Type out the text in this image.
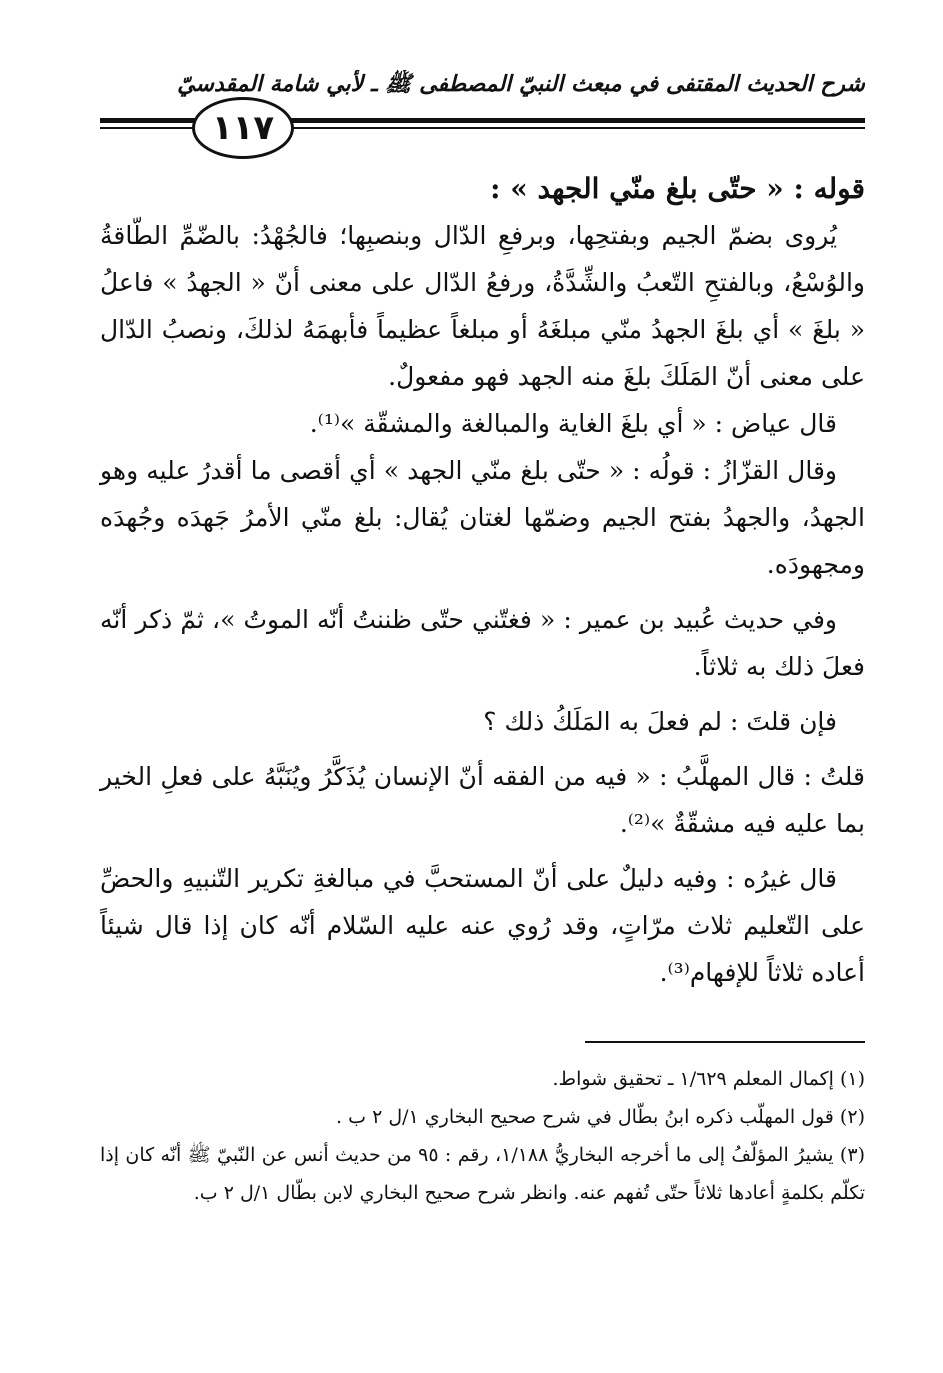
شرح الحديث المقتفى في مبعث النبيّ المصطفى ﷺ ـ لأبي شامة المقدسيّ
١١٧

قوله : « حتّى بلغ منّي الجهد » :

يُروى بضمّ الجيم وبفتحِها، وبرفعِ الدّال وبنصبِها؛ فالجُهْدُ: بالضّمِّ الطّاقةُ والوُسْعُ، وبالفتحِ التّعبُ والشِّدَّةُ، ورفعُ الدّال على معنى أنّ « الجهدُ » فاعلُ « بلغَ » أي بلغَ الجهدُ منّي مبلغَهُ أو مبلغاً عظيماً فأبهمَهُ لذلكَ، ونصبُ الدّال على معنى أنّ المَلَكَ بلغَ منه الجهد فهو مفعولٌ.

قال عياض : « أي بلغَ الغاية والمبالغة والمشقّة »⁽¹⁾.

وقال القزّازُ : قولُه : « حتّى بلغ منّي الجهد » أي أقصى ما أقدرُ عليه وهو الجهدُ، والجهدُ بفتح الجيم وضمّها لغتان يُقال: بلغ منّي الأمرُ جَهدَه وجُهدَه ومجهودَه.

وفي حديث عُبيد بن عمير : « فغتّني حتّى ظننتُ أنّه الموتُ »، ثمّ ذكر أنّه فعلَ ذلك به ثلاثاً.

فإن قلتَ : لم فعلَ به المَلَكُ ذلك ؟

قلتُ : قال المهلَّبُ : « فيه من الفقه أنّ الإنسان يُذَكَّرُ ويُنَبَّهُ على فعلِ الخير بما عليه فيه مشقّةٌ »⁽²⁾.

قال غيرُه : وفيه دليلٌ على أنّ المستحبَّ في مبالغةِ تكرير التّنبيهِ والحضِّ على التّعليم ثلاث مرّاتٍ، وقد رُوي عنه عليه السّلام أنّه كان إذا قال شيئاً أعاده ثلاثاً للإفهام⁽³⁾.

(١) إكمال المعلم ١/٦٢٩ ـ تحقيق شواط.

(٢) قول المهلّب ذكره ابنُ بطّال في شرح صحيح البخاري ١/ل ٢ ب .

(٣) يشيرُ المؤلّفُ إلى ما أخرجه البخاريُّ ١/١٨٨، رقم : ٩٥ من حديث أنس عن النّبيّ ﷺ أنّه كان إذا تكلّم بكلمةٍ أعادها ثلاثاً حتّى تُفهم عنه. وانظر شرح صحيح البخاري لابن بطّال ١/ل ٢ ب.
